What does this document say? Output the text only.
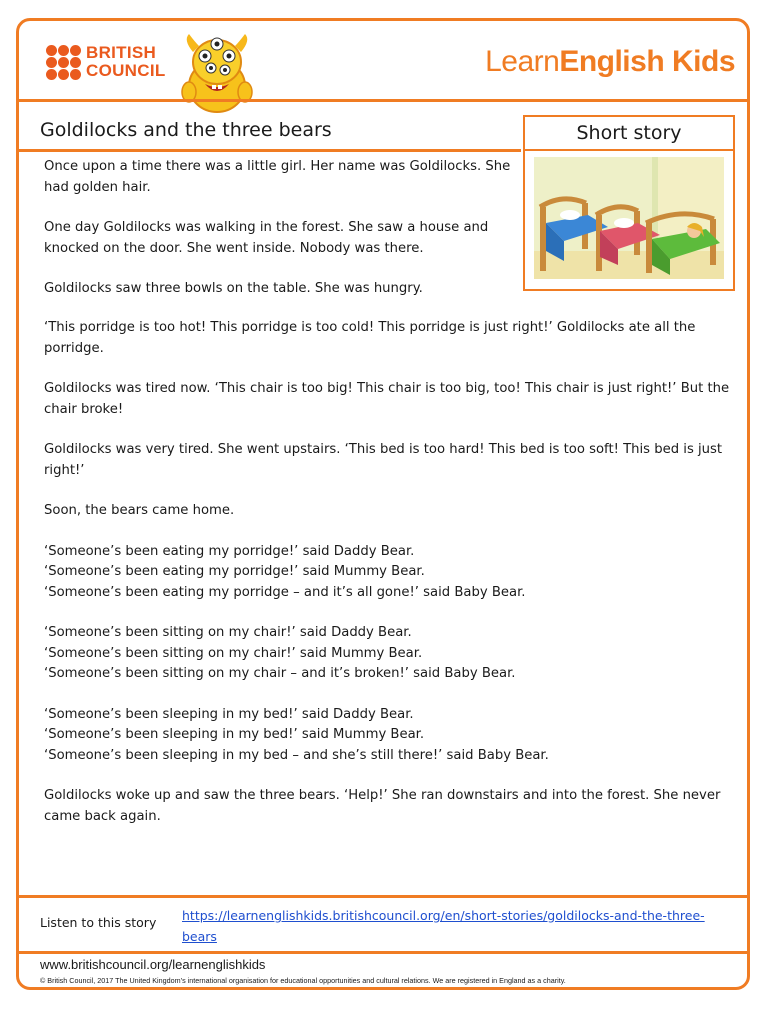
BRITISH COUNCIL	LearnEnglish Kids
Goldilocks and the three bears	Short story

Once upon a time there was a little girl. Her name was Goldilocks. She had golden hair.

One day Goldilocks was walking in the forest. She saw a house and knocked on the door. She went inside. Nobody was there.

Goldilocks saw three bowls on the table. She was hungry.

‘This porridge is too hot! This porridge is too cold! This porridge is just right!’ Goldilocks ate all the porridge.

Goldilocks was tired now. ‘This chair is too big! This chair is too big, too! This chair is just right!’ But the chair broke!

Goldilocks was very tired. She went upstairs. ‘This bed is too hard! This bed is too soft! This bed is just right!’

Soon, the bears came home.

‘Someone’s been eating my porridge!’ said Daddy Bear.
‘Someone’s been eating my porridge!’ said Mummy Bear.
‘Someone’s been eating my porridge – and it’s all gone!’ said Baby Bear.
‘Someone’s been sitting on my chair!’ said Daddy Bear.
‘Someone’s been sitting on my chair!’ said Mummy Bear.
‘Someone’s been sitting on my chair – and it’s broken!’ said Baby Bear.
‘Someone’s been sleeping in my bed!’ said Daddy Bear.
‘Someone’s been sleeping in my bed!’ said Mummy Bear.
‘Someone’s been sleeping in my bed – and she’s still there!’ said Baby Bear.

Goldilocks woke up and saw the three bears. ‘Help!’ She ran downstairs and into the forest. She never came back again.

Listen to this story https://learnenglishkids.britishcouncil.org/en/short-stories/goldilocks-and-the-three-bears
www.britishcouncil.org/learnenglishkids
© British Council, 2017 The United Kingdom’s international organisation for educational opportunities and cultural relations. We are registered in England as a charity.
